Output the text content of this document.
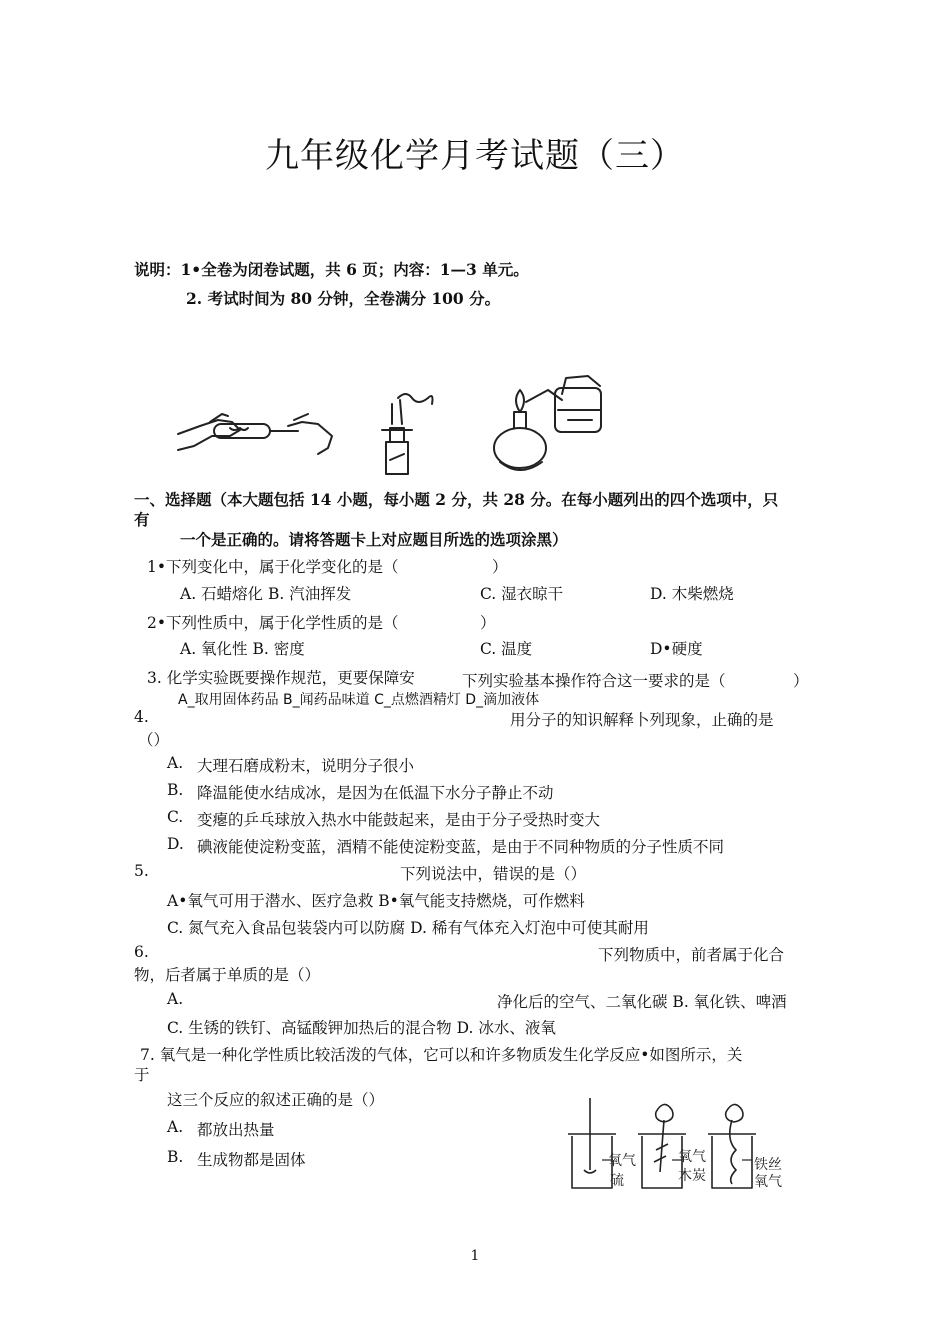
九年级化学月考试题（三）
说明：1•全卷为闭卷试题，共 6 页；内容：1—3 单元。
2. 考试时间为 80 分钟，全卷满分 100 分。
一、选择题（本大题包括 14 小题，每小题 2 分，共 28 分。在每小题列出的四个选项中，只
有
一个是正确的。请将答题卡上对应题目所选的选项涂黑）
1•下列变化中，属于化学变化的是（	）
A. 石蜡熔化 B. 汽油挥发	C. 湿衣晾干	D. 木柴燃烧
2•下列性质中，属于化学性质的是（	）
A. 氧化性 B. 密度	C. 温度	D•硬度
3. 化学实验既要操作规范，更要保障安	下列实验基本操作符合这一要求的是（	）
A_取用固体药品 B_闻药品味道 C_点燃酒精灯 D_滴加液体
4.	用分子的知识解释卜列现象，止确的是
（）
A. 大理石磨成粉末，说明分子很小
B. 降温能使水结成冰，是因为在低温下水分子静止不动
C. 变瘪的乒乓球放入热水中能鼓起来，是由于分子受热时变大
D. 碘液能使淀粉变蓝，酒精不能使淀粉变蓝，是由于不同种物质的分子性质不同
5.	下列说法中，错误的是（）
A•氧气可用于潜水、医疗急救 B•氧气能支持燃烧，可作燃料
C. 氮气充入食品包装袋内可以防腐 D. 稀有气体充入灯泡中可使其耐用
6.	下列物质中，前者属于化合
物，后者属于单质的是（）
A.	净化后的空气、二氧化碳 B. 氧化铁、啤酒
C. 生锈的铁钉、高锰酸钾加热后的混合物 D. 冰水、液氧
7. 氧气是一种化学性质比较活泼的气体，它可以和许多物质发生化学反应•如图所示，关
于
这三个反应的叙述正确的是（）
A. 都放出热量
B. 生成物都是固体	氧气
硫
氧气
木炭
铁丝
氧气
1
